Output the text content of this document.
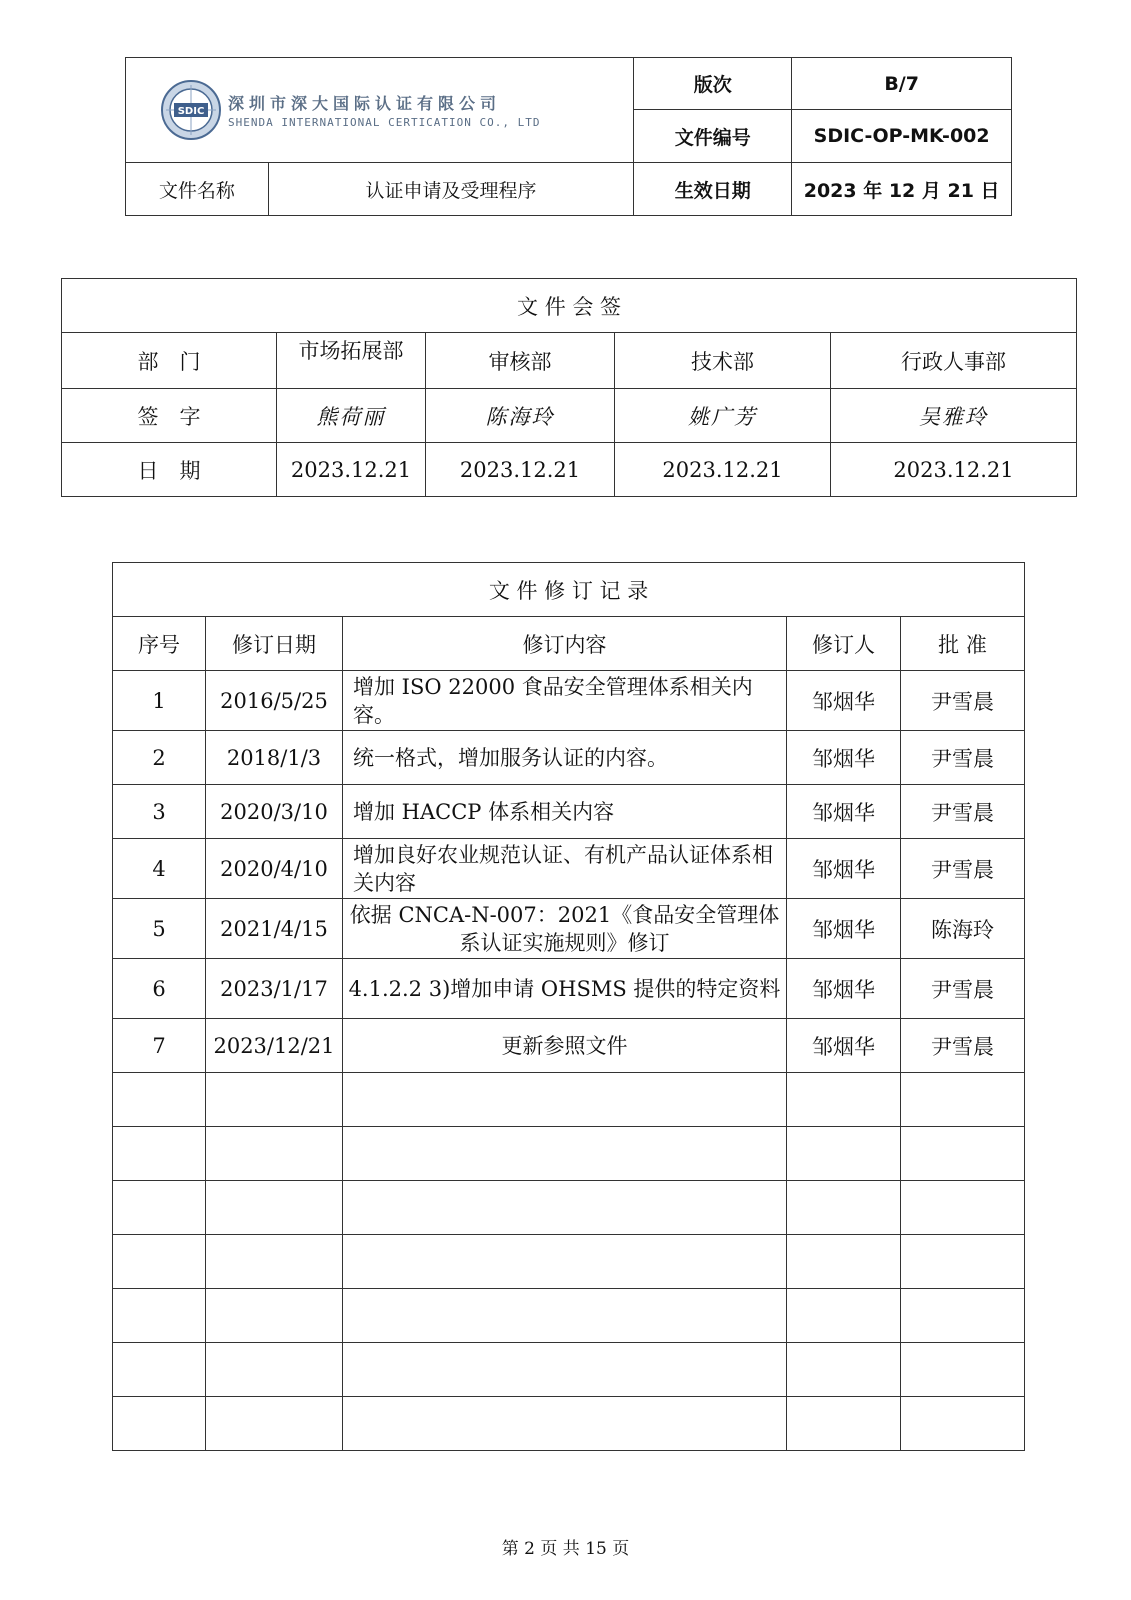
SDIC 深圳市深大国际认证有限公司
SHENDA INTERNATIONAL CERTICATION CO., LTD		版次	B/7
		文件编号	SDIC-OP-MK-002
文件名称	认证申请及受理程序	生效日期	2023 年 12 月 21 日
文 件 会 签				
部　门	市场拓展部	审核部	技术部	行政人事部
签　字	熊荷丽	陈海玲	姚广芳	吴雅玲
日　期	2023.12.21	2023.12.21	2023.12.21	2023.12.21
文 件 修 订 记 录				
序号	修订日期	修订内容	修订人	批 准
1	2016/5/25	增加 ISO 22000 食品安全管理体系相关内容。	邹烟华	尹雪晨
2	2018/1/3	统一格式，增加服务认证的内容。	邹烟华	尹雪晨
3	2020/3/10	增加 HACCP 体系相关内容	邹烟华	尹雪晨
4	2020/4/10	增加良好农业规范认证、有机产品认证体系相关内容	邹烟华	尹雪晨
5	2021/4/15	依据 CNCA-N-007：2021《食品安全管理体系认证实施规则》修订	邹烟华	陈海玲
6	2023/1/17	4.1.2.2 3)增加申请 OHSMS 提供的特定资料	邹烟华	尹雪晨
7	2023/12/21	更新参照文件	邹烟华	尹雪晨

第 2 页 共 15 页
